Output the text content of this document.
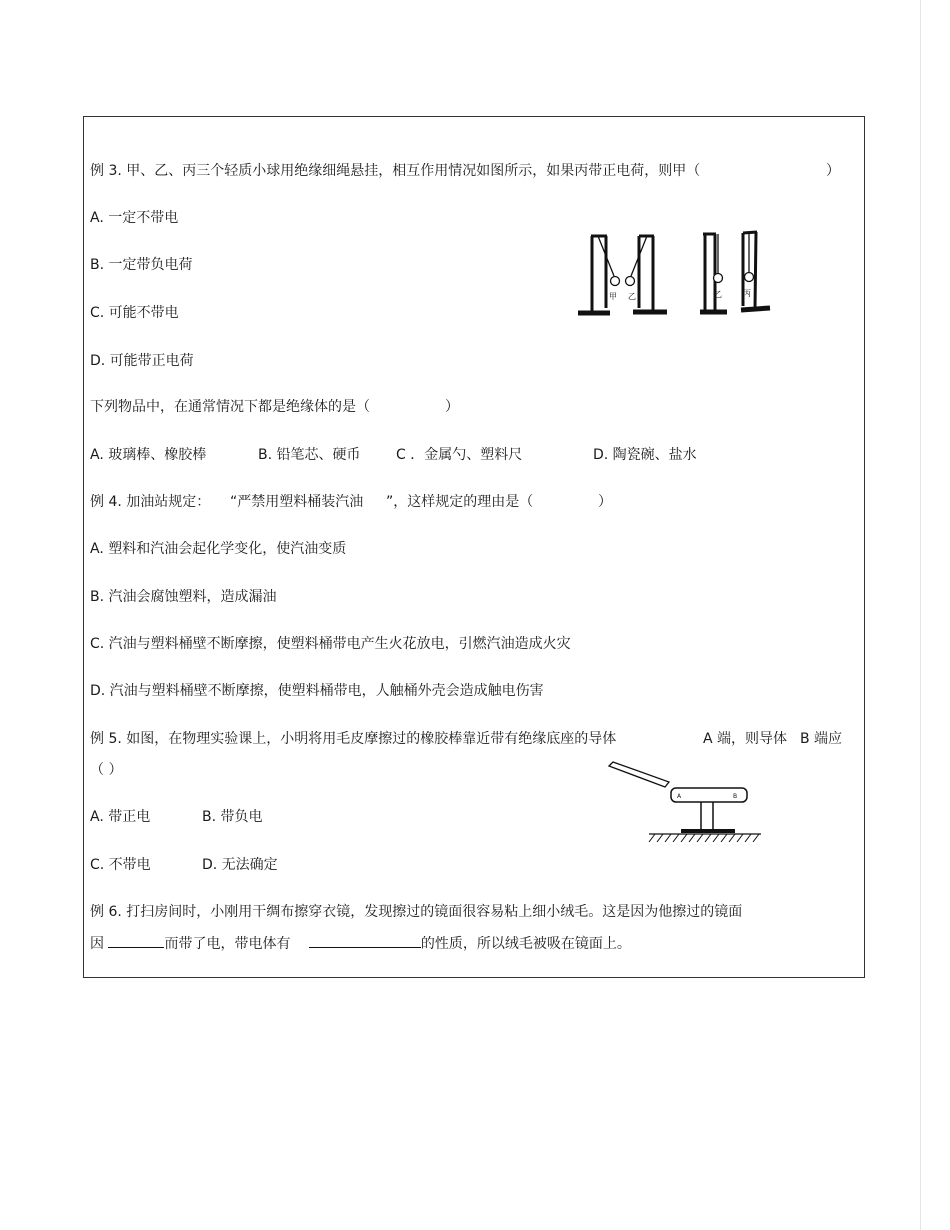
例 3. 甲、乙、丙三个轻质小球用绝缘细绳悬挂，相互作用情况如图所示，如果丙带正电荷，则甲（	）
A. 一定不带电
B. 一定带负电荷
C. 可能不带电
D. 可能带正电荷
甲 乙	乙	丙
下列物品中，在通常情况下都是绝缘体的是（	）
A. 玻璃棒、橡胶棒	B. 铅笔芯、硬币	C ．金属勺、塑料尺	D. 陶瓷碗、盐水
例 4. 加油站规定： “严禁用塑料桶装汽油 ”，这样规定的理由是（	）
A. 塑料和汽油会起化学变化，使汽油变质
B. 汽油会腐蚀塑料，造成漏油
C. 汽油与塑料桶壁不断摩擦，使塑料桶带电产生火花放电，引燃汽油造成火灾
D. 汽油与塑料桶壁不断摩擦，使塑料桶带电，人触桶外壳会造成触电伤害
例 5. 如图，在物理实验课上，小明将用毛皮摩擦过的橡胶棒靠近带有绝缘底座的导体	A 端，则导体 B 端应
（ ）
A. 带正电	B. 带负电
C. 不带电	D. 无法确定
A	B
例 6. 打扫房间时，小刚用干绸布擦穿衣镜，发现擦过的镜面很容易粘上细小绒毛。这是因为他擦过的镜面
因	而带了电，带电体有	的性质，所以绒毛被吸在镜面上。
